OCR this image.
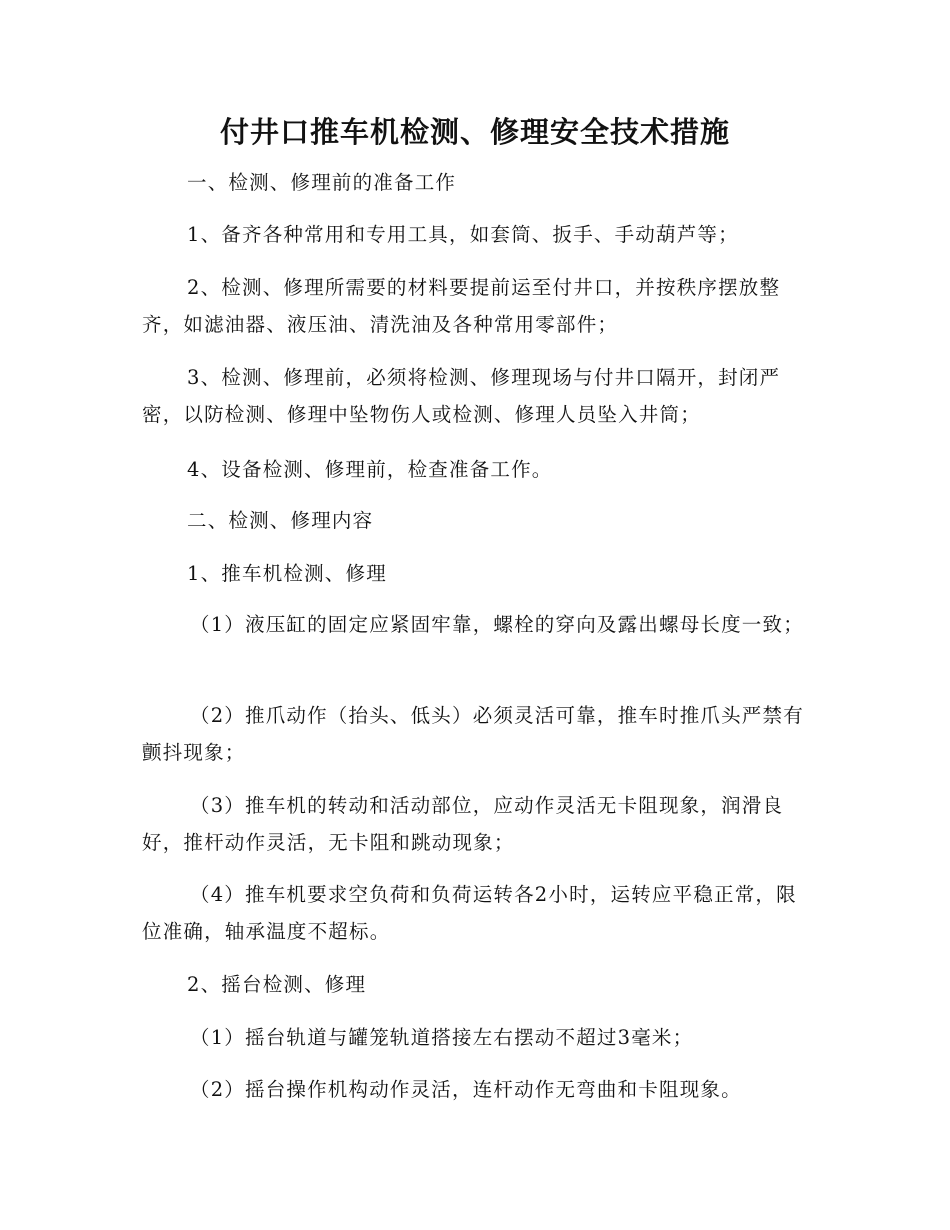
付井口推车机检测、修理安全技术措施

一、检测、修理前的准备工作

1、备齐各种常用和专用工具，如套筒、扳手、手动葫芦等；

2、检测、修理所需要的材料要提前运至付井口，并按秩序摆放整齐，如滤油器、液压油、清洗油及各种常用零部件；

3、检测、修理前，必须将检测、修理现场与付井口隔开，封闭严密，以防检测、修理中坠物伤人或检测、修理人员坠入井筒；

4、设备检测、修理前，检查准备工作。

二、检测、修理内容

1、推车机检测、修理

（1）液压缸的固定应紧固牢靠，螺栓的穿向及露出螺母长度一致；

（2）推爪动作（抬头、低头）必须灵活可靠，推车时推爪头严禁有颤抖现象；

（3）推车机的转动和活动部位，应动作灵活无卡阻现象，润滑良好，推杆动作灵活，无卡阻和跳动现象；

（4）推车机要求空负荷和负荷运转各2小时，运转应平稳正常，限位准确，轴承温度不超标。

2、摇台检测、修理

（1）摇台轨道与罐笼轨道搭接左右摆动不超过3毫米；

（2）摇台操作机构动作灵活，连杆动作无弯曲和卡阻现象。
